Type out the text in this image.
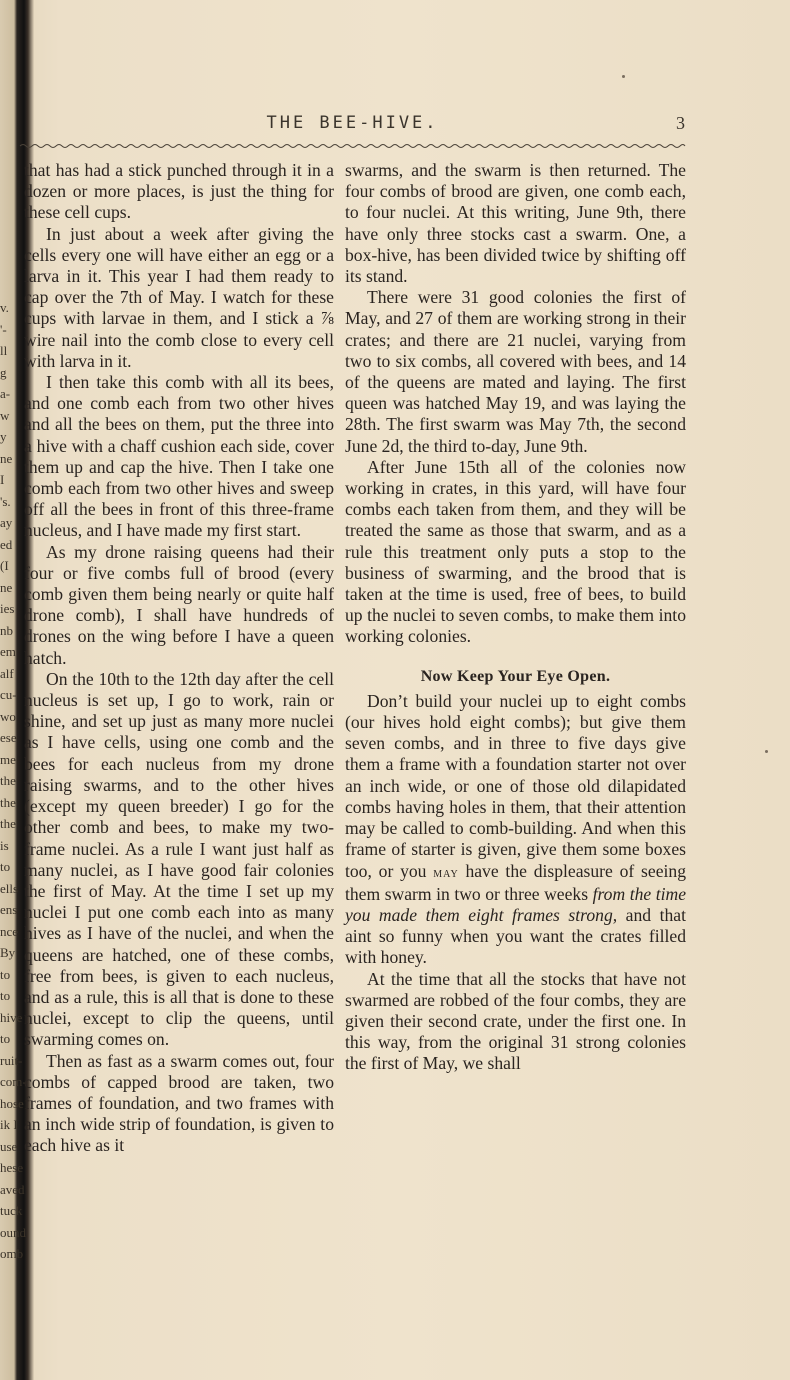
v.
'-
ll
g
a-
w
y
ne
I
's.
ay
ed
(I
ne
ies
nb
em
alf
cu-
wo
ese
me
the
the
the
is
to
ells
ens
nce
By
to
to
hive
to
ruit-
com-
hose
ik I
use
hese
aved
tuck
ound
omb
THE BEE-HIVE.	3

that has had a stick punched through it in a dozen or more places, is just the thing for these cell cups.

In just about a week after giving the cells every one will have either an egg or a larva in it. This year I had them ready to cap over the 7th of May. I watch for these cups with larvae in them, and I stick a ⅞ wire nail into the comb close to every cell with larva in it.

I then take this comb with all its bees, and one comb each from two other hives and all the bees on them, put the three into a hive with a chaff cushion each side, cover them up and cap the hive. Then I take one comb each from two other hives and sweep off all the bees in front of this three-frame nucleus, and I have made my first start.

As my drone raising queens had their four or five combs full of brood (every comb given them being nearly or quite half drone comb), I shall have hundreds of drones on the wing before I have a queen hatch.

On the 10th to the 12th day after the cell nucleus is set up, I go to work, rain or shine, and set up just as many more nuclei as I have cells, using one comb and the bees for each nucleus from my drone raising swarms, and to the other hives (except my queen breeder) I go for the other comb and bees, to make my two-frame nuclei. As a rule I want just half as many nuclei, as I have good fair colonies the first of May. At the time I set up my nuclei I put one comb each into as many hives as I have of the nuclei, and when the queens are hatched, one of these combs, free from bees, is given to each nucleus, and as a rule, this is all that is done to these nuclei, except to clip the queens, until swarming comes on.

Then as fast as a swarm comes out, four combs of capped brood are taken, two frames of foundation, and two frames with an inch wide strip of foundation, is given to each hive as it

swarms, and the swarm is then returned. The four combs of brood are given, one comb each, to four nuclei. At this writing, June 9th, there have only three stocks cast a swarm. One, a box-hive, has been divided twice by shifting off its stand.

There were 31 good colonies the first of May, and 27 of them are working strong in their crates; and there are 21 nuclei, varying from two to six combs, all covered with bees, and 14 of the queens are mated and laying. The first queen was hatched May 19, and was laying the 28th. The first swarm was May 7th, the second June 2d, the third to-day, June 9th.

After June 15th all of the colonies now working in crates, in this yard, will have four combs each taken from them, and they will be treated the same as those that swarm, and as a rule this treatment only puts a stop to the business of swarming, and the brood that is taken at the time is used, free of bees, to build up the nuclei to seven combs, to make them into working colonies.

Now Keep Your Eye Open.

Don’t build your nuclei up to eight combs (our hives hold eight combs); but give them seven combs, and in three to five days give them a frame with a foundation starter not over an inch wide, or one of those old dilapidated combs having holes in them, that their attention may be called to comb-building. And when this frame of starter is given, give them some boxes too, or you may have the displeasure of seeing them swarm in two or three weeks from the time you made them eight frames strong, and that aint so funny when you want the crates filled with honey.

At the time that all the stocks that have not swarmed are robbed of the four combs, they are given their second crate, under the first one. In this way, from the original 31 strong colonies the first of May, we shall
